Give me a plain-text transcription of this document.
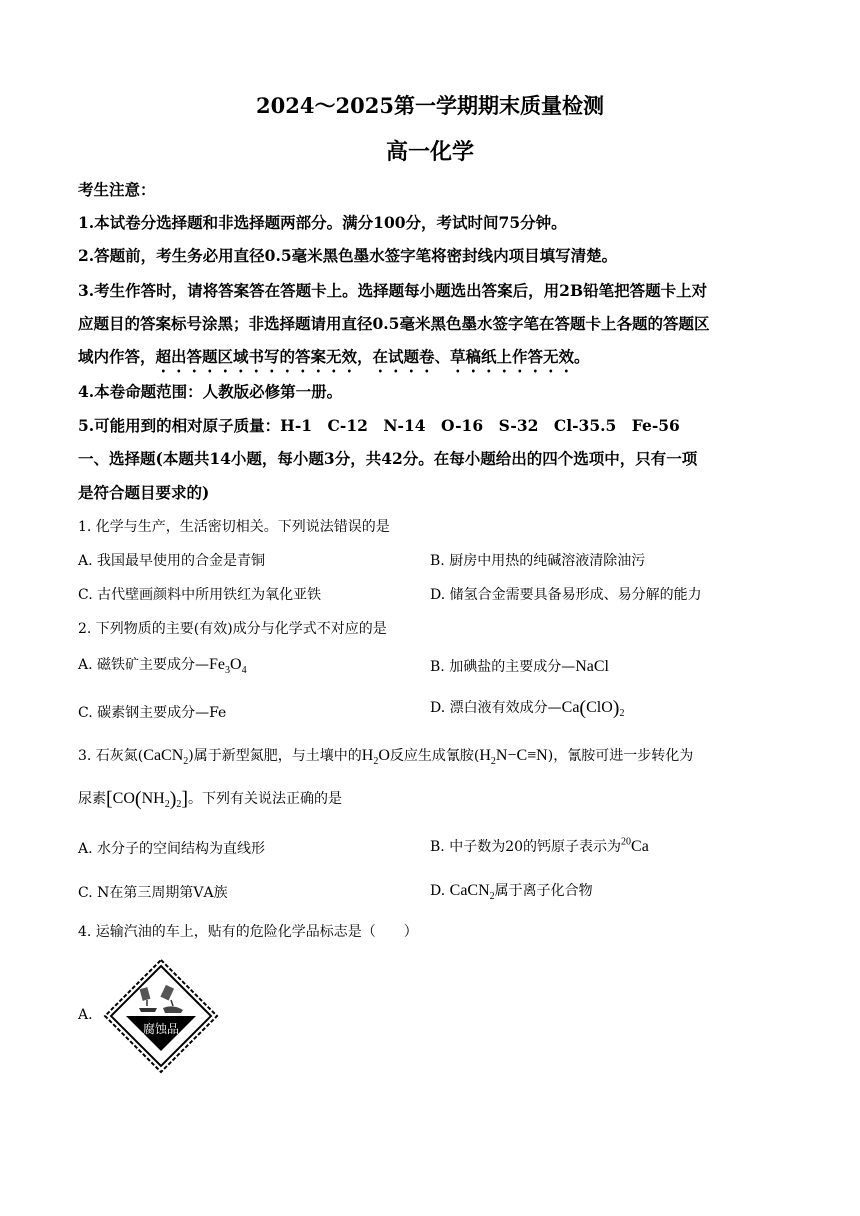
2024～2025第一学期期末质量检测
高一化学
考生注意：
1.本试卷分选择题和非选择题两部分。满分100分，考试时间75分钟。
2.答题前，考生务必用直径0.5毫米黑色墨水签字笔将密封线内项目填写清楚。
3.考生作答时，请将答案答在答题卡上。选择题每小题选出答案后，用2B铅笔把答题卡上对
应题目的答案标号涂黑；非选择题请用直径0.5毫米黑色墨水签字笔在答题卡上各题的答题区
域内作答，超出答题区域书写的答案无效，在试题卷、草稿纸上作答无效。
4.本卷命题范围：人教版必修第一册。
5.可能用到的相对原子质量：H-1　C-12　N-14　O-16　S-32　Cl-35.5　Fe-56
一、选择题(本题共14小题，每小题3分，共42分。在每小题给出的四个选项中，只有一项
是符合题目要求的)
1. 化学与生产，生活密切相关。下列说法错误的是
A. 我国最早使用的合金是青铜	B. 厨房中用热的纯碱溶液清除油污
C. 古代壁画颜料中所用铁红为氧化亚铁	D. 储氢合金需要具备易形成、易分解的能力
2. 下列物质的主要(有效)成分与化学式不对应的是
A. 磁铁矿主要成分$—Fe_3O_4$	B. 加碘盐的主要成分—NaCl
C. 碳素钢主要成分—Fe	D. 漂白液有效成分$—Ca(ClO)_2$
3. 石灰氮(CaCN$_2$)属于新型氮肥，与土壤中的$H_2O$反应生成氰胺$(H_2N-C\equiv N)$，氰胺可进一步转化为
尿素$[CO(NH_2)_2]$。下列有关说法正确的是
A. 水分子的空间结构为直线形	B. 中子数为20的钙原子表示为$^{20}$Ca
C. N在第三周期第ⅤA族	D. CaCN$_2$属于离子化合物
4. 运输汽油的车上，贴有的危险化学品标志是（　　）
A.
腐蚀品
